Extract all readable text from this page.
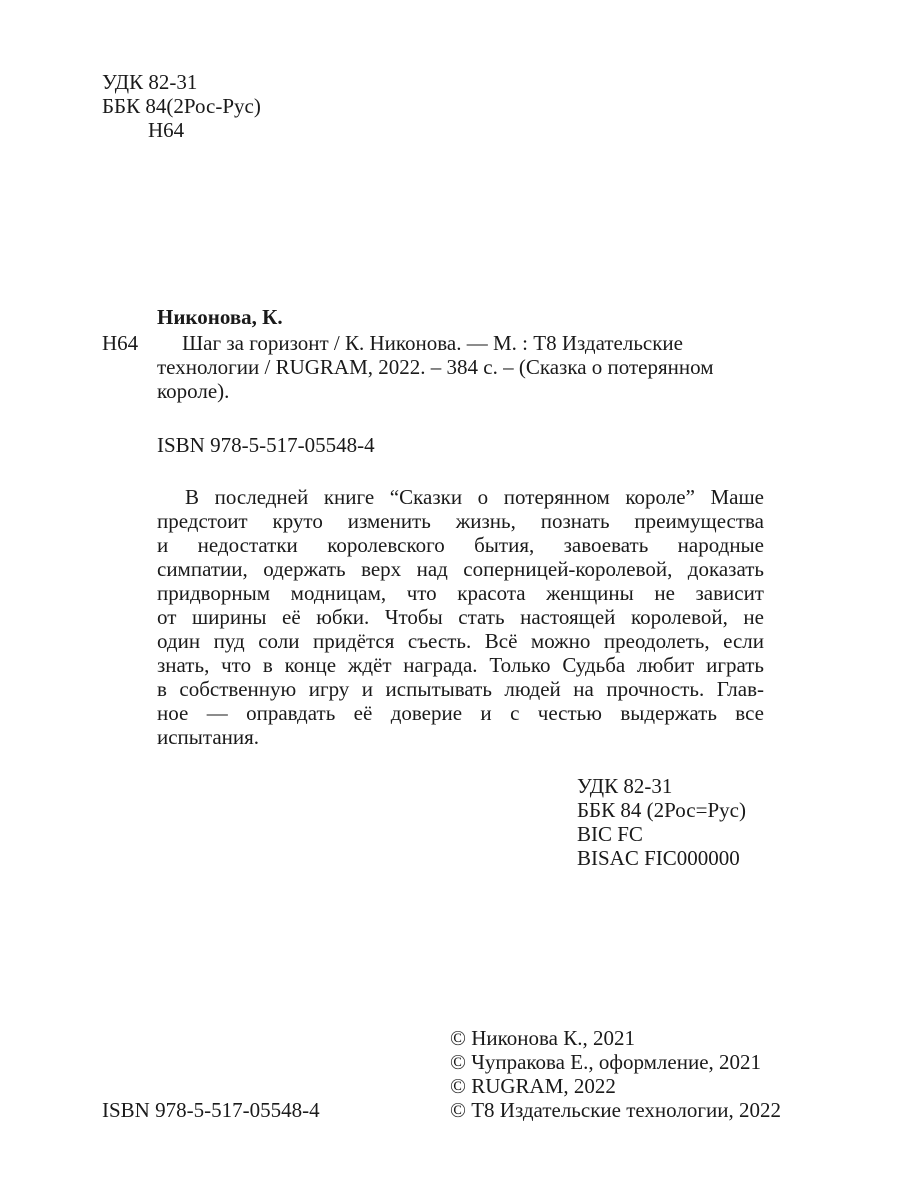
УДК 82-31
ББК 84(2Рос-Рус)
Н64
Никонова, К.
Н64	Шаг за горизонт / К. Никонова. — М. : Т8 Издательские
технологии / RUGRAM, 2022. – 384 с. – (Сказка о потерянном
короле).
ISBN 978-5-517-05548-4
В последней книге “Сказки о потерянном короле” Маше
предстоит круто изменить жизнь, познать преимущества
и недостатки королевского бытия, завоевать народные
симпатии, одержать верх над соперницей-королевой, доказать
придворным модницам, что красота женщины не зависит
от ширины её юбки. Чтобы стать настоящей королевой, не
один пуд соли придётся съесть. Всё можно преодолеть, если
знать, что в конце ждёт награда. Только Судьба любит играть
в собственную игру и испытывать людей на прочность. Глав-
ное — оправдать её доверие и с честью выдержать все
испытания.
УДК 82-31
ББК 84 (2Рос=Рус)
BIC FC
BISAC FIC000000
© Никонова К., 2021
© Чупракова Е., оформление, 2021
© RUGRAM, 2022
© Т8 Издательские технологии, 2022
ISBN 978-5-517-05548-4
